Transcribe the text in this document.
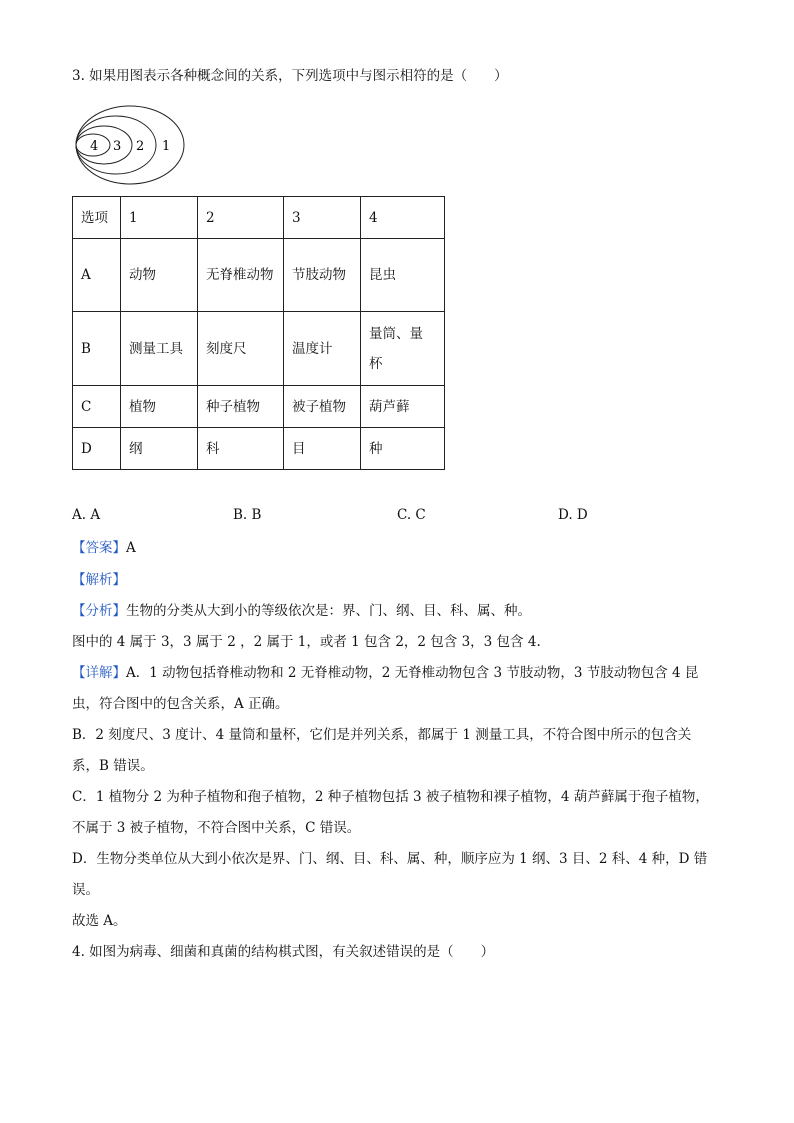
3. 如果用图表示各种概念间的关系，下列选项中与图示相符的是（　　）
4 3 2 1
选项	1	2	3	4
A	动物	无脊椎动物	节肢动物	昆虫
B	测量工具	刻度尺	温度计	量筒、量杯
C	植物	种子植物	被子植物	葫芦藓
D	纲	科	目	种
A. A	B. B	C. C	D. D
【答案】A
【解析】
【分析】生物的分类从大到小的等级依次是：界、门、纲、目、科、属、种。
图中的 4 属于 3，3 属于 2 ，2 属于 1，或者 1 包含 2，2 包含 3，3 包含 4.
【详解】A．1 动物包括脊椎动物和 2 无脊椎动物，2 无脊椎动物包含 3 节肢动物，3 节肢动物包含 4 昆
虫，符合图中的包含关系，A 正确。
B．2 刻度尺、3 度计、4 量筒和量杯，它们是并列关系，都属于 1 测量工具，不符合图中所示的包含关
系，B 错误。
C．1 植物分 2 为种子植物和孢子植物，2 种子植物包括 3 被子植物和裸子植物，4 葫芦藓属于孢子植物，
不属于 3 被子植物，不符合图中关系，C 错误。
D．生物分类单位从大到小依次是界、门、纲、目、科、属、种，顺序应为 1 纲、3 目、2 科、4 种，D 错
误。
故选 A。
4. 如图为病毒、细菌和真菌的结构棋式图，有关叙述错误的是（　　）
